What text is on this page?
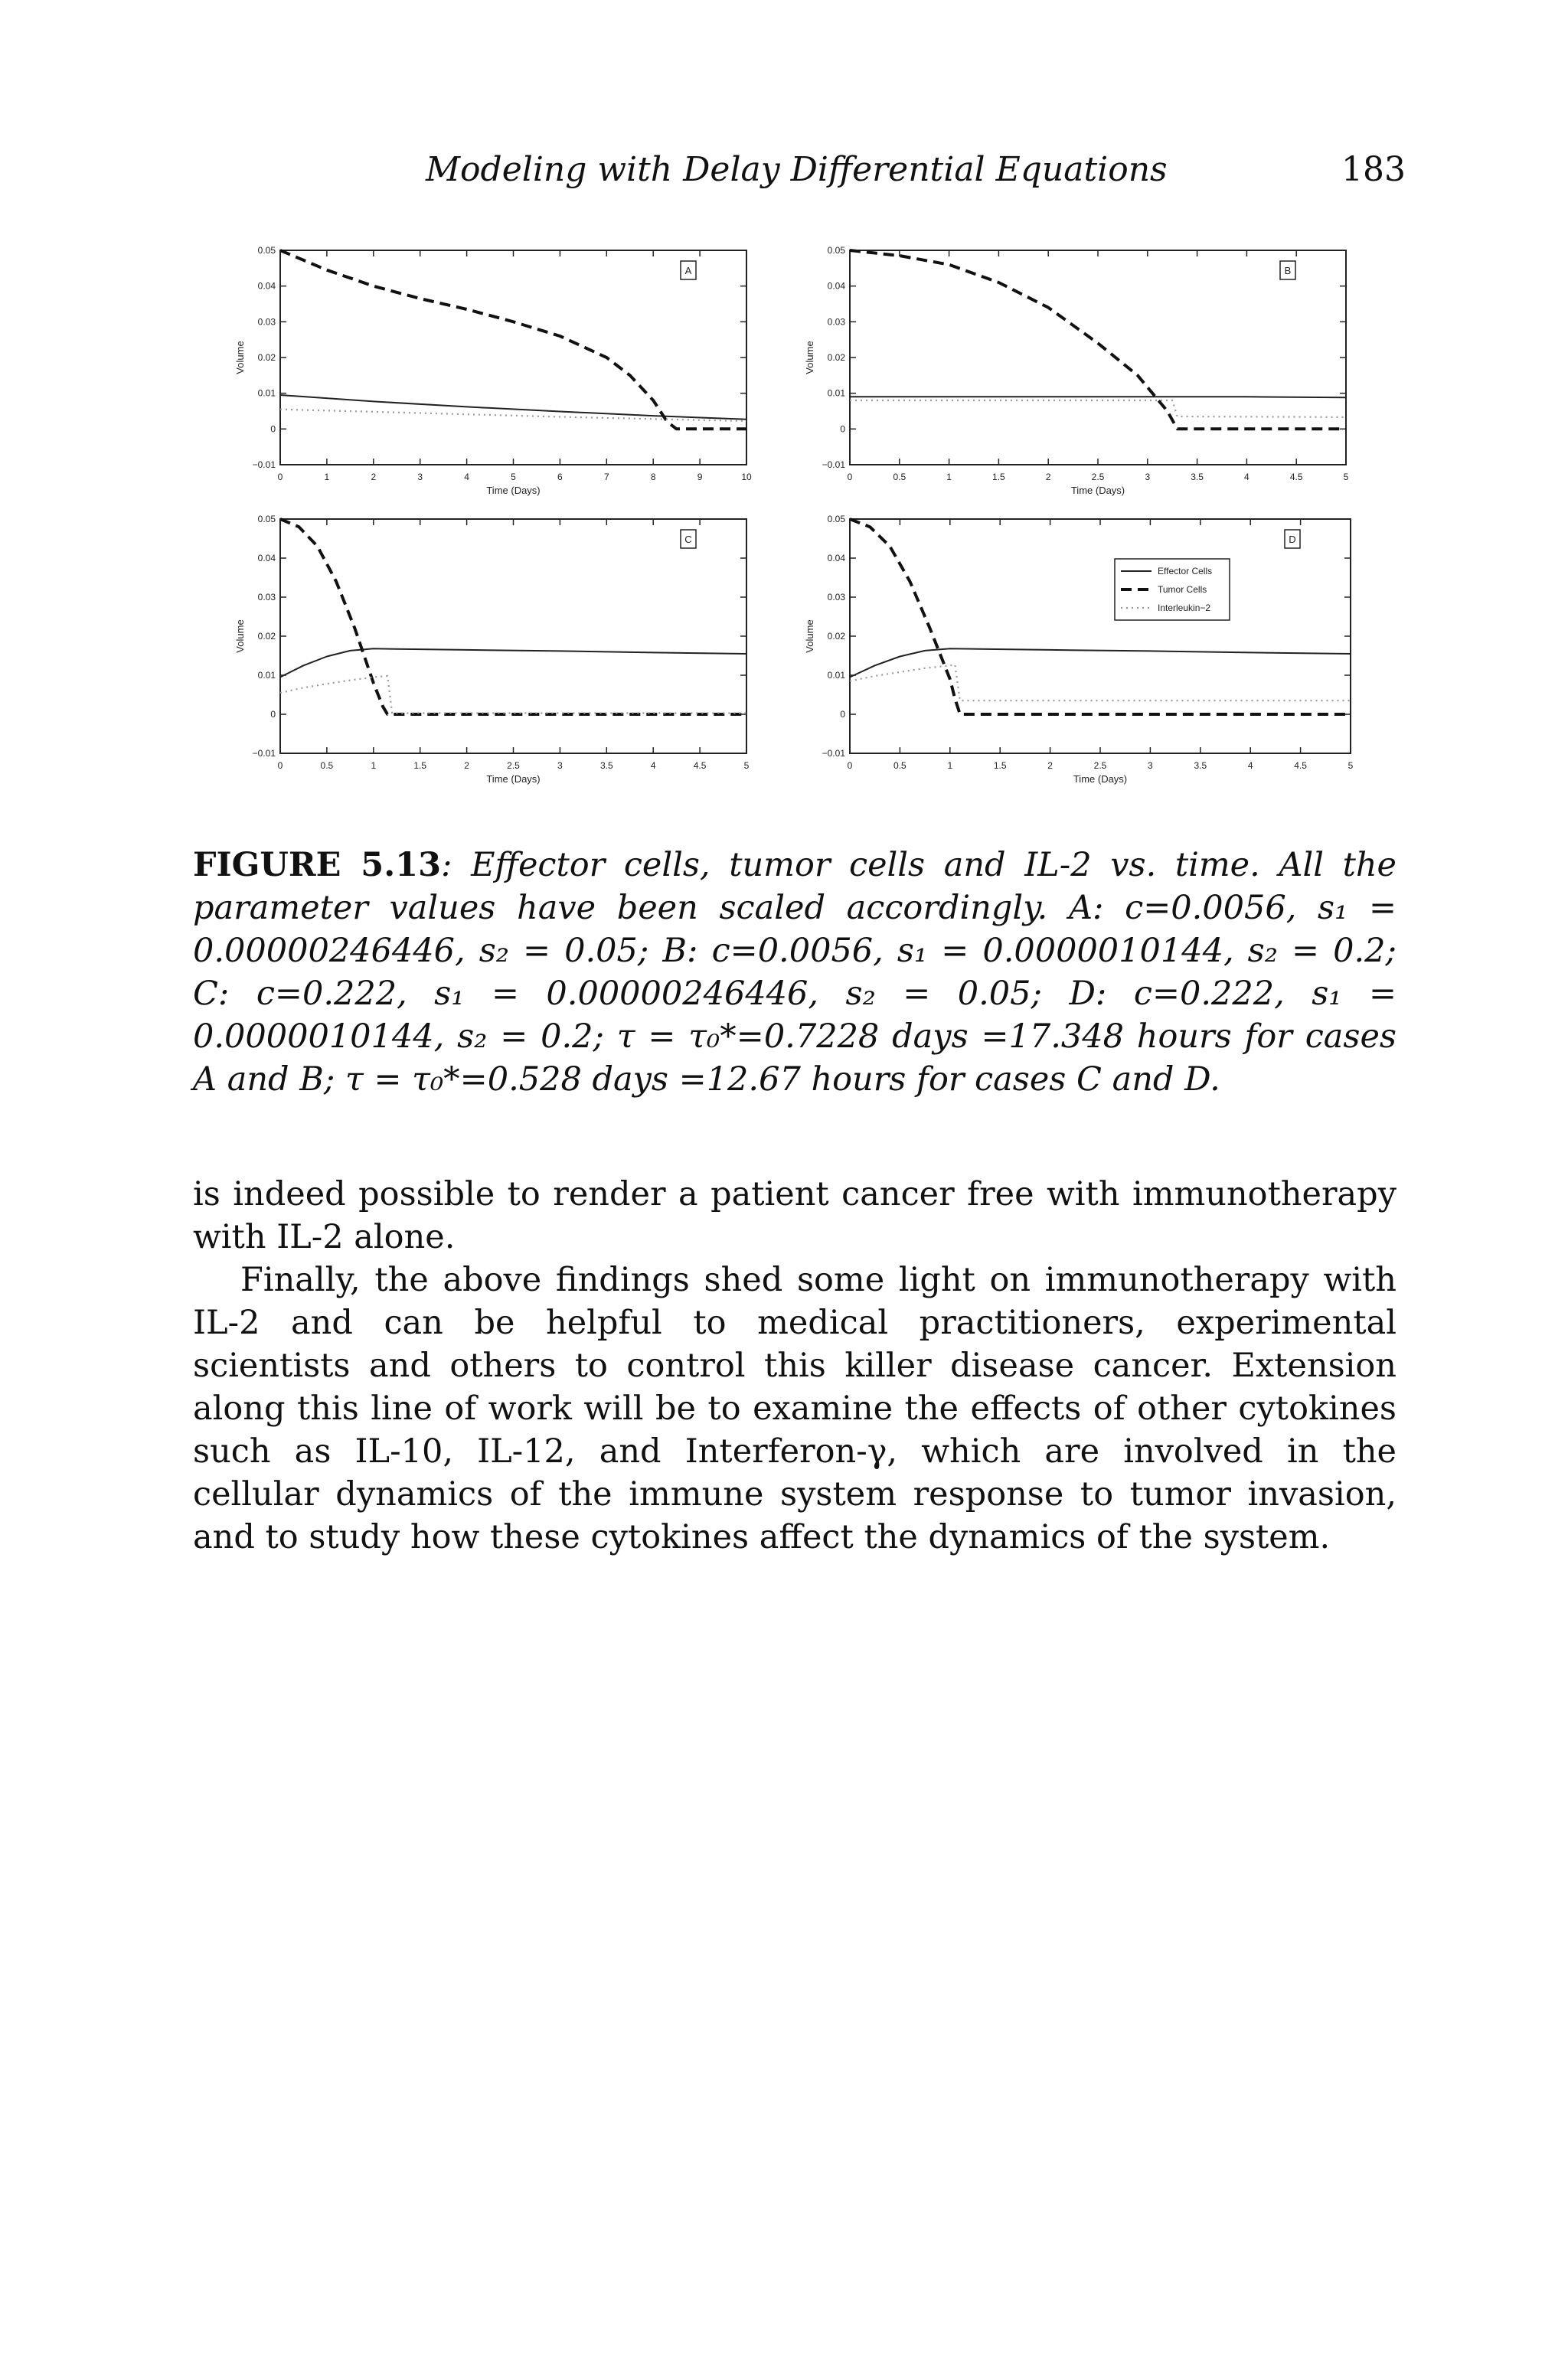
Modeling with Delay Differential Equations	183
0	1	2	3	4	5	6	7	8	9	10
−0.01
0
0.01
0.02
0.03
0.04
0.05
Time (Days)
Volume
A
0	0.5	1	1.5	2	2.5	3	3.5	4	4.5	5
−0.01
0
0.01
0.02
0.03
0.04
0.05
Time (Days)
Volume
B
0	0.5	1	1.5	2	2.5	3	3.5	4	4.5	5
−0.01
0
0.01
0.02
0.03
0.04
0.05
Time (Days)
Volume
C
0	0.5	1	1.5	2	2.5	3	3.5	4	4.5	5
−0.01
0
0.01
0.02
0.03
0.04
0.05
Time (Days)
Volume
D
Effector Cells
Tumor Cells
Interleukin−2
FIGURE 5.13: Effector cells, tumor cells and IL-2 vs. time. All the parameter values have been scaled accordingly. A: c=0.0056, s₁ = 0.00000246446, s₂ = 0.05; B: c=0.0056, s₁ = 0.0000010144, s₂ = 0.2; C: c=0.222, s₁ = 0.00000246446, s₂ = 0.05; D: c=0.222, s₁ = 0.0000010144, s₂ = 0.2; τ = τ₀*=0.7228 days =17.348 hours for cases A and B; τ = τ₀*=0.528 days =12.67 hours for cases C and D.

is indeed possible to render a patient cancer free with immunotherapy with IL-2 alone.

Finally, the above findings shed some light on immunotherapy with IL-2 and can be helpful to medical practitioners, experimental scientists and others to control this killer disease cancer. Extension along this line of work will be to examine the effects of other cytokines such as IL-10, IL-12, and Interferon-γ, which are involved in the cellular dynamics of the immune system response to tumor invasion, and to study how these cytokines affect the dynamics of the system.
